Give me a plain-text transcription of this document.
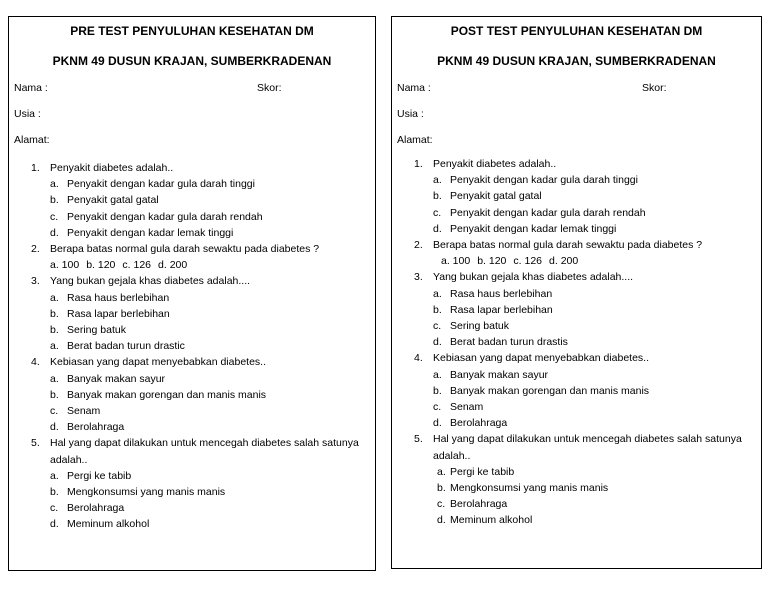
PRE TEST PENYULUHAN KESEHATAN DM
PKNM 49 DUSUN KRAJAN, SUMBERKRADENAN
Nama :	Skor:
Usia :
Alamat:
1. Penyakit diabetes adalah..
a. Penyakit dengan kadar gula darah tinggi
b. Penyakit gatal gatal
c. Penyakit dengan kadar gula darah rendah
d. Penyakit dengan kadar lemak tinggi
2. Berapa batas normal gula darah sewaktu pada diabetes ?
a. 100 b. 120 c. 126 d. 200
3. Yang bukan gejala khas diabetes adalah....
a. Rasa haus berlebihan
b. Rasa lapar berlebihan
b. Sering batuk
a. Berat badan turun drastic
4. Kebiasan yang dapat menyebabkan diabetes..
a. Banyak makan sayur
b. Banyak makan gorengan dan manis manis
c. Senam
d. Berolahraga
5. Hal yang dapat dilakukan untuk mencegah diabetes salah satunya adalah..
a. Pergi ke tabib
b. Mengkonsumsi yang manis manis
c. Berolahraga
d. Meminum alkohol
POST TEST PENYULUHAN KESEHATAN DM
PKNM 49 DUSUN KRAJAN, SUMBERKRADENAN
Nama :	Skor:
Usia :
Alamat:
1. Penyakit diabetes adalah..
a. Penyakit dengan kadar gula darah tinggi
b. Penyakit gatal gatal
c. Penyakit dengan kadar gula darah rendah
d. Penyakit dengan kadar lemak tinggi
2. Berapa batas normal gula darah sewaktu pada diabetes ?
a. 100 b. 120 c. 126 d. 200
3. Yang bukan gejala khas diabetes adalah....
a. Rasa haus berlebihan
b. Rasa lapar berlebihan
c. Sering batuk
d. Berat badan turun drastis
4. Kebiasan yang dapat menyebabkan diabetes..
a. Banyak makan sayur
b. Banyak makan gorengan dan manis manis
c. Senam
d. Berolahraga
5. Hal yang dapat dilakukan untuk mencegah diabetes salah satunya adalah..
a. Pergi ke tabib
b. Mengkonsumsi yang manis manis
c. Berolahraga
d. Meminum alkohol
